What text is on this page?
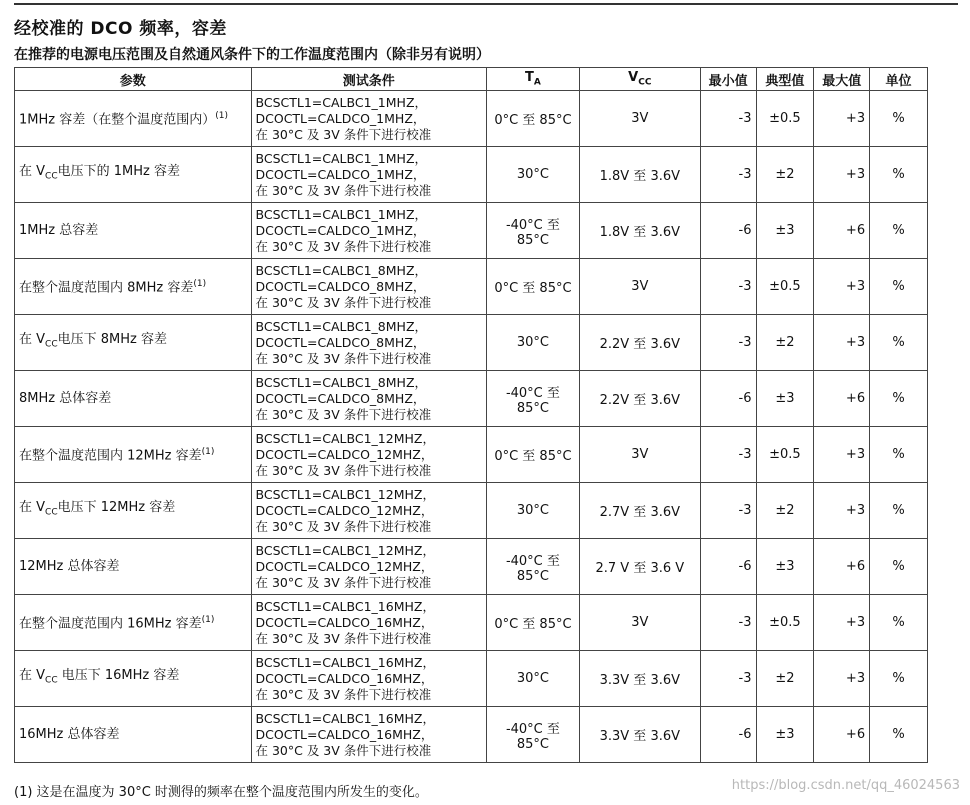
经校准的 DCO 频率，容差
在推荐的电源电压范围及自然通风条件下的工作温度范围内（除非另有说明）
参数	测试条件	$T_A$	$V_{CC}$	最小值	典型值	最大值	单位
1MHz 容差（在整个温度范围内）$^{(1)}$	BCSCTL1=CALBC1_1MHZ，
DCOCTL=CALDCO_1MHZ，
在 30°C 及 3V 条件下进行校准	0°C 至 85°C	3V	-3	±0.5	+3	%
在 $V_{CC}$电压下的 1MHz 容差	BCSCTL1=CALBC1_1MHZ，
DCOCTL=CALDCO_1MHZ，
在 30°C 及 3V 条件下进行校准	30°C	1.8V 至 3.6V	-3	±2	+3	%
1MHz 总容差	BCSCTL1=CALBC1_1MHZ，
DCOCTL=CALDCO_1MHZ，
在 30°C 及 3V 条件下进行校准	-40°C 至 85°C	1.8V 至 3.6V	-6	±3	+6	%
在整个温度范围内 8MHz 容差$^{(1)}$	BCSCTL1=CALBC1_8MHZ，
DCOCTL=CALDCO_8MHZ，
在 30°C 及 3V 条件下进行校准	0°C 至 85°C	3V	-3	±0.5	+3	%
在 $V_{CC}$电压下 8MHz 容差	BCSCTL1=CALBC1_8MHZ，
DCOCTL=CALDCO_8MHZ，
在 30°C 及 3V 条件下进行校准	30°C	2.2V 至 3.6V	-3	±2	+3	%
8MHz 总体容差	BCSCTL1=CALBC1_8MHZ，
DCOCTL=CALDCO_8MHZ，
在 30°C 及 3V 条件下进行校准	-40°C 至 85°C	2.2V 至 3.6V	-6	±3	+6	%
在整个温度范围内 12MHz 容差$^{(1)}$	BCSCTL1=CALBC1_12MHZ，
DCOCTL=CALDCO_12MHZ，
在 30°C 及 3V 条件下进行校准	0°C 至 85°C	3V	-3	±0.5	+3	%
在 $V_{CC}$电压下 12MHz 容差	BCSCTL1=CALBC1_12MHZ，
DCOCTL=CALDCO_12MHZ，
在 30°C 及 3V 条件下进行校准	30°C	2.7V 至 3.6V	-3	±2	+3	%
12MHz 总体容差	BCSCTL1=CALBC1_12MHZ，
DCOCTL=CALDCO_12MHZ，
在 30°C 及 3V 条件下进行校准	-40°C 至 85°C	2.7 V 至 3.6 V	-6	±3	+6	%
在整个温度范围内 16MHz 容差$^{(1)}$	BCSCTL1=CALBC1_16MHZ，
DCOCTL=CALDCO_16MHZ，
在 30°C 及 3V 条件下进行校准	0°C 至 85°C	3V	-3	±0.5	+3	%
在 $V_{CC}$ 电压下 16MHz 容差	BCSCTL1=CALBC1_16MHZ，
DCOCTL=CALDCO_16MHZ，
在 30°C 及 3V 条件下进行校准	30°C	3.3V 至 3.6V	-3	±2	+3	%
16MHz 总体容差	BCSCTL1=CALBC1_16MHZ，
DCOCTL=CALDCO_16MHZ，
在 30°C 及 3V 条件下进行校准	-40°C 至 85°C	3.3V 至 3.6V	-6	±3	+6	%
(1) 这是在温度为 30°C 时测得的频率在整个温度范围内所发生的变化。	https://blog.csdn.net/qq_46024563
